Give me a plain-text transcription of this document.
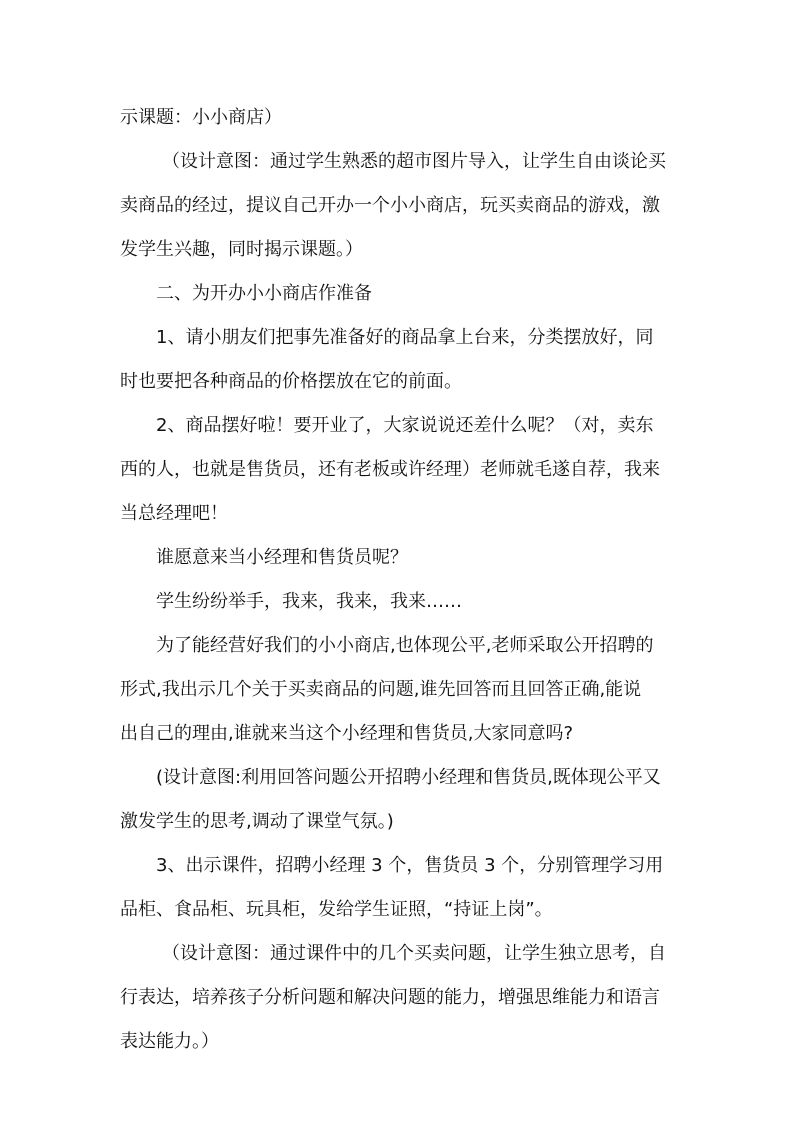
示课题：小小商店）
（设计意图：通过学生熟悉的超市图片导入，让学生自由谈论买
卖商品的经过，提议自己开办一个小小商店，玩买卖商品的游戏，激
发学生兴趣，同时揭示课题。）
二、为开办小小商店作准备
1、请小朋友们把事先准备好的商品拿上台来，分类摆放好，同
时也要把各种商品的价格摆放在它的前面。
2、商品摆好啦！要开业了，大家说说还差什么呢？（对，卖东
西的人，也就是售货员，还有老板或许经理）老师就毛遂自荐，我来
当总经理吧！
谁愿意来当小经理和售货员呢？
学生纷纷举手，我来，我来，我来……
为了能经营好我们的小小商店,也体现公平,老师采取公开招聘的
形式,我出示几个关于买卖商品的问题,谁先回答而且回答正确,能说
出自己的理由,谁就来当这个小经理和售货员,大家同意吗?
(设计意图:利用回答问题公开招聘小经理和售货员,既体现公平又
激发学生的思考,调动了课堂气氛。)
3、出示课件，招聘小经理 3 个，售货员 3 个，分别管理学习用
品柜、食品柜、玩具柜，发给学生证照，“持证上岗”。
（设计意图：通过课件中的几个买卖问题，让学生独立思考，自
行表达，培养孩子分析问题和解决问题的能力，增强思维能力和语言
表达能力。）
